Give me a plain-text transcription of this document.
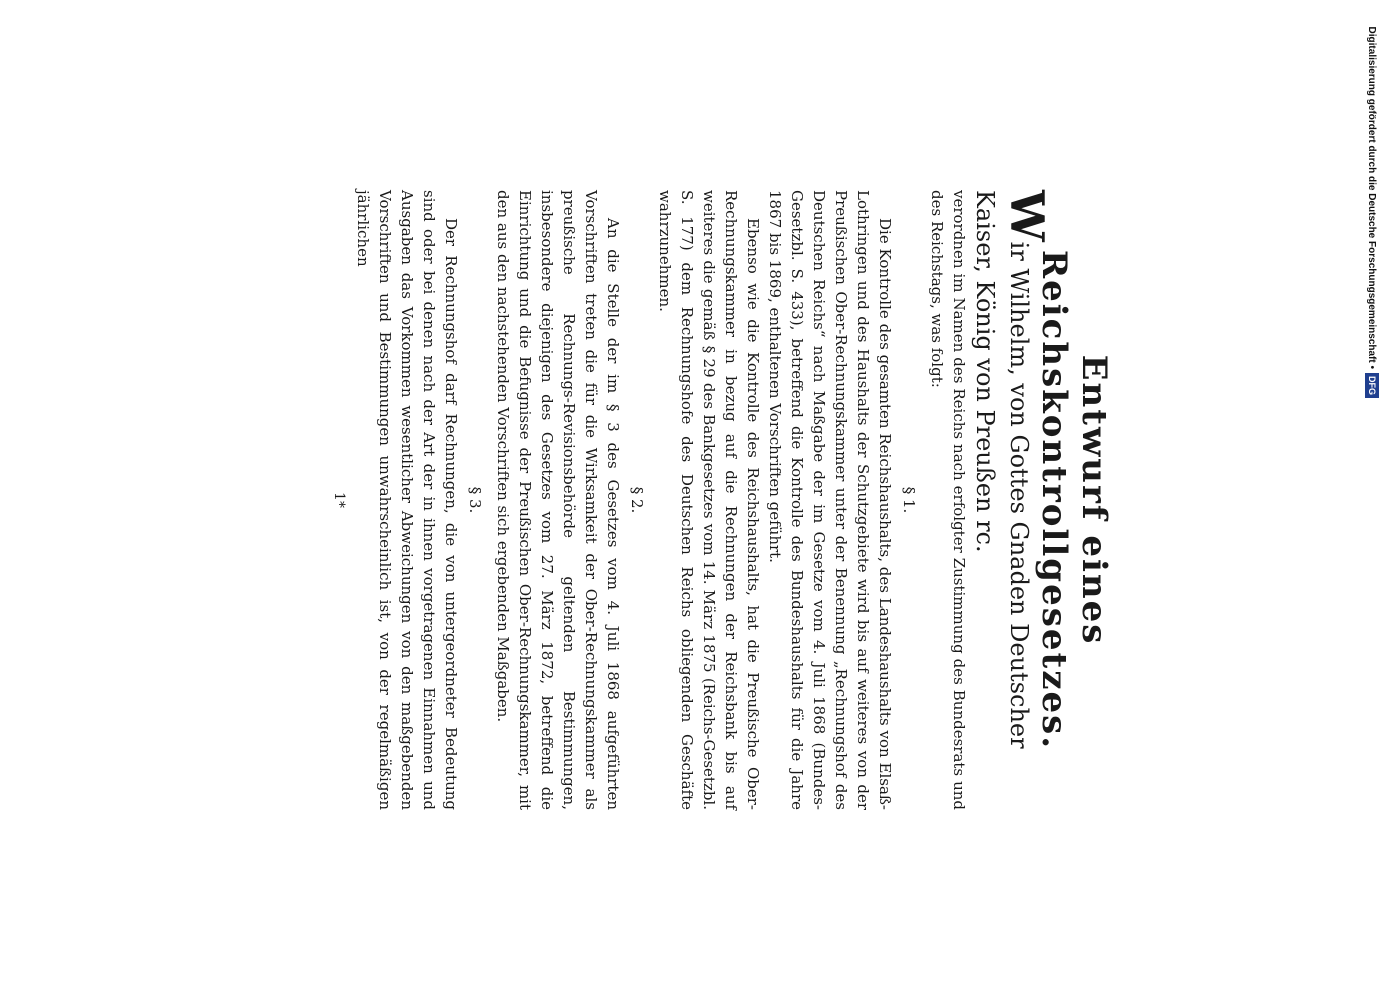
Entwurf eines Reichskontrollgesetzes.
Wir Wilhelm, von Gottes Gnaden Deutscher Kaiser, König von Preußen rc.

verordnen im Namen des Reichs nach erfolgter Zustimmung des Bundesrats und des Reichstags, was folgt:

§ 1.

Die Kontrolle des gesamten Reichshaushalts, des Landeshaushalts von Elsaß-Lothringen und des Haushalts der Schutzgebiete wird bis auf weiteres von der Preußischen Ober-Rechnungskammer unter der Benennung „Rechnungshof des Deutschen Reichs“ nach Maßgabe der im Gesetze vom 4. Juli 1868 (Bundes-Gesetzbl. S. 433), betreffend die Kontrolle des Bundeshaushalts für die Jahre 1867 bis 1869, enthaltenen Vorschriften geführt.

Ebenso wie die Kontrolle des Reichshaushalts, hat die Preußische Ober-Rechnungskammer in bezug auf die Rechnungen der Reichsbank bis auf weiteres die gemäß § 29 des Bankgesetzes vom 14. März 1875 (Reichs-Gesetzbl. S. 177) dem Rechnungshofe des Deutschen Reichs obliegenden Geschäfte wahrzunehmen.

§ 2.

An die Stelle der im § 3 des Gesetzes vom 4. Juli 1868 aufgeführten Vorschriften treten die für die Wirksamkeit der Ober-Rechnungskammer als preußische Rechnungs-Revisionsbehörde geltenden Bestimmungen, insbesondere diejenigen des Gesetzes vom 27. März 1872, betreffend die Einrichtung und die Befugnisse der Preußischen Ober-Rechnungskammer, mit den aus den nachstehenden Vorschriften sich ergebenden Maßgaben.

§ 3.

Der Rechnungshof darf Rechnungen, die von untergeordneter Bedeutung sind oder bei denen nach der Art der in ihnen vorgetragenen Einnahmen und Ausgaben das Vorkommen wesentlicher Abweichungen von den maßgebenden Vorschriften und Bestimmungen unwahrscheinlich ist, von der regelmäßigen jährlichen

1*
Digitalisierung gefördert durch die Deutsche Forschungsgemeinschaft •
DFG
